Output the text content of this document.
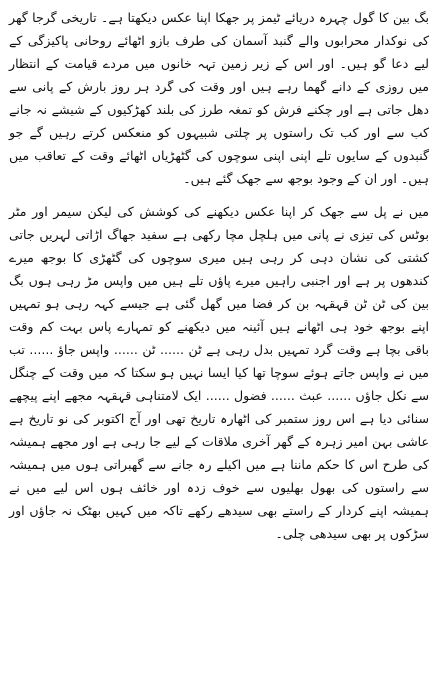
بگ بین کا گول چہرہ دریائے ٹیمز پر جھکا اپنا عکس دیکھتا ہے۔ تاریخی گرجا گھر کی نوکدار محرابوں والے گنبد آسمان کی طرف بازو اٹھائے روحانی پاکیزگی کے لیے دعا گو ہیں۔ اور اس کے زیر زمین تہہ خانوں میں مردے قیامت کے انتظار میں روزی کے دانے گھما رہے ہیں اور وقت کی گرد ہر روز بارش کے پانی سے دھل جاتی ہے اور چکنے فرش کو تمغہ طرز کی بلند کھڑکیوں کے شیشے نہ جانے کب سے اور کب تک راستوں پر چلتی شبیہوں کو منعکس کرتے رہیں گے جو گنبدوں کے سایوں تلے اپنی اپنی سوچوں کی گٹھڑیاں اٹھائے وقت کے تعاقب میں ہیں۔ اور ان کے وجود بوجھ سے جھک گئے ہیں۔

میں نے پل سے جھک کر اپنا عکس دیکھنے کی کوشش کی لیکن سیمر اور مٹر بوٹس کی تیزی نے پانی میں ہلچل مچا رکھی ہے سفید جھاگ اڑاتی لہریں جاتی کشتی کی نشان دہی کر رہی ہیں میری سوچوں کی گٹھڑی کا بوجھ میرے کندھوں پر ہے اور اجنبی راہیں میرے پاؤں تلے ہیں میں واپس مڑ رہی ہوں بگ بین کی ٹن ٹن قہقہہ بن کر فضا میں گھل گئی ہے جیسے کہہ رہی ہو تمہیں اپنے بوجھ خود ہی اٹھانے ہیں آئینہ میں دیکھنے کو تمہارے پاس بہت کم وقت باقی بچا ہے وقت گرد تمہیں بدل رہی ہے ٹن ...... ٹن ...... واپس جاؤ ...... تب میں نے واپس جاتے ہوئے سوچا تھا کیا ایسا نہیں ہو سکتا کہ میں وقت کے چنگل سے نکل جاؤں ...... عبث ...... فضول ...... ایک لامتناہی قہقہہ مجھے اپنے پیچھے سنائی دیا ہے اس روز ستمبر کی اٹھارہ تاریخ تھی اور آج اکتوبر کی نو تاریخ ہے عاشی بہن امیر زہرہ کے گھر آخری ملاقات کے لیے جا رہی ہے اور مجھے ہمیشہ کی طرح اس کا حکم ماننا ہے میں اکیلے رہ جانے سے گھبراتی ہوں میں ہمیشہ سے راستوں کی بھول بھلیوں سے خوف زدہ اور خائف ہوں اس لیے میں نے ہمیشہ اپنے کردار کے راستے بھی سیدھے رکھے تاکہ میں کہیں بھٹک نہ جاؤں اور سڑکوں پر بھی سیدھی چلی۔
